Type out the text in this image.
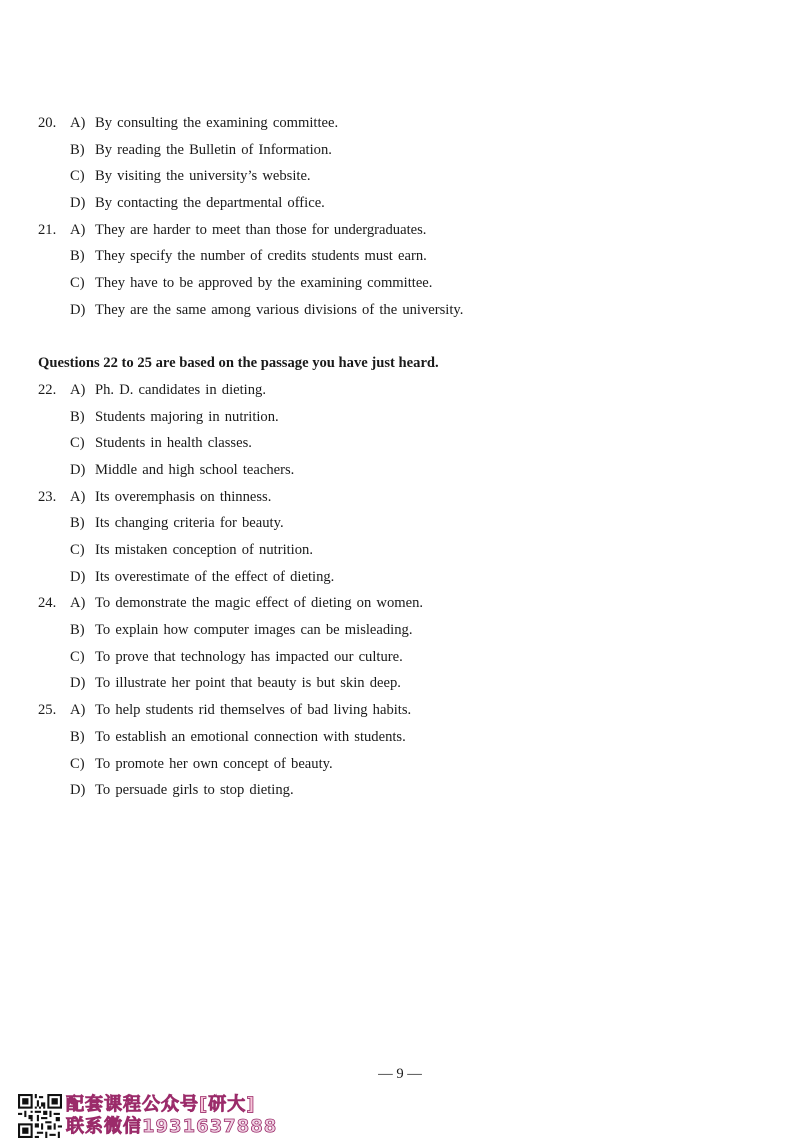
20. A) By consulting the examining committee.
B) By reading the Bulletin of Information.
C) By visiting the university’s website.
D) By contacting the departmental office.
21. A) They are harder to meet than those for undergraduates.
B) They specify the number of credits students must earn.
C) They have to be approved by the examining committee.
D) They are the same among various divisions of the university.
Questions 22 to 25 are based on the passage you have just heard.
22. A) Ph. D. candidates in dieting.
B) Students majoring in nutrition.
C) Students in health classes.
D) Middle and high school teachers.
23. A) Its overemphasis on thinness.
B) Its changing criteria for beauty.
C) Its mistaken conception of nutrition.
D) Its overestimate of the effect of dieting.
24. A) To demonstrate the magic effect of dieting on women.
B) To explain how computer images can be misleading.
C) To prove that technology has impacted our culture.
D) To illustrate her point that beauty is but skin deep.
25. A) To help students rid themselves of bad living habits.
B) To establish an emotional connection with students.
C) To promote her own concept of beauty.
D) To persuade girls to stop dieting.
— 9 —
配套课程公众号[研大]
联系微信1931637888
